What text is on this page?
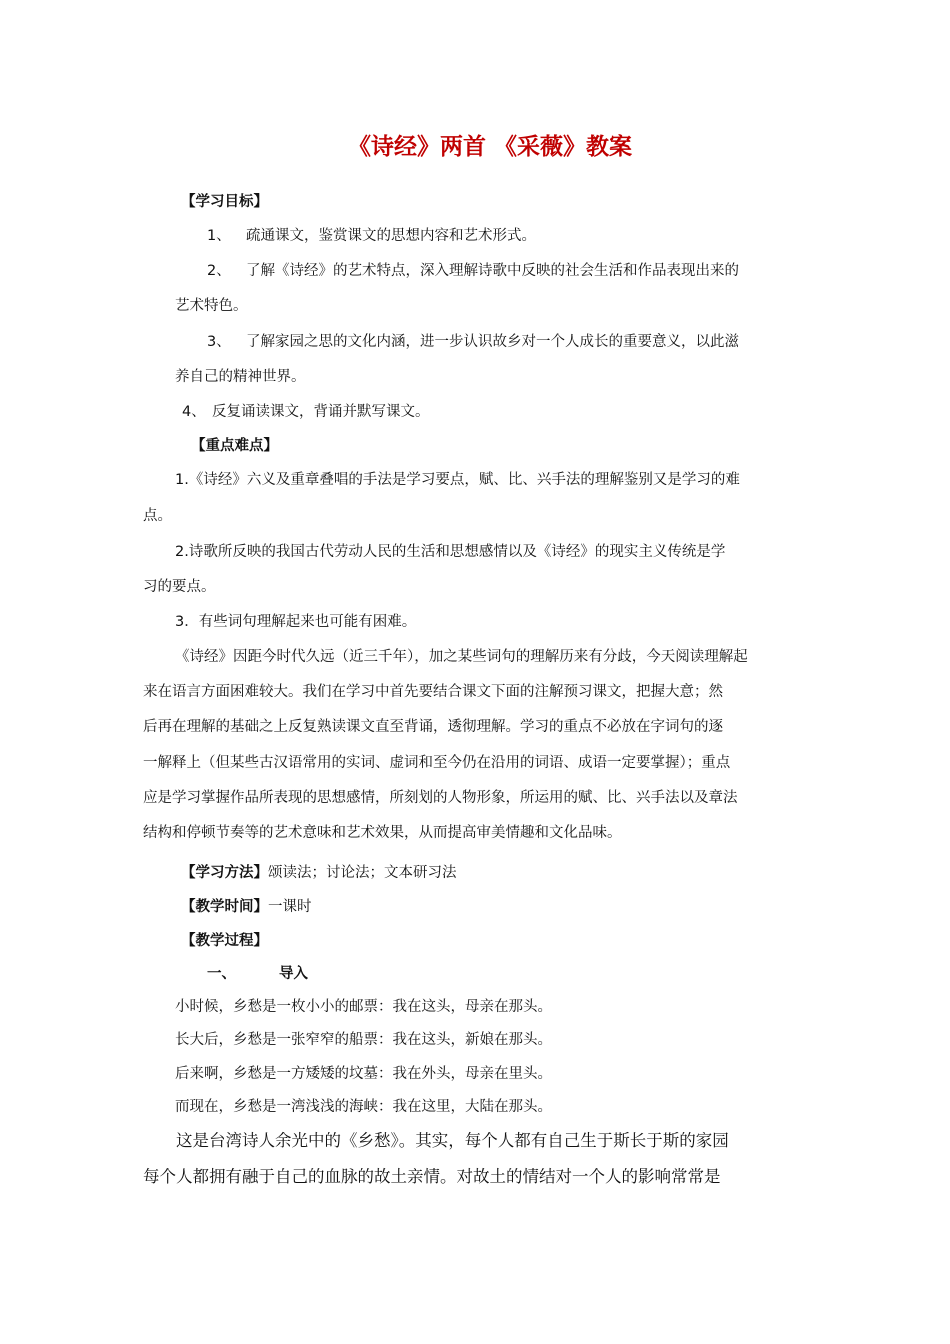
《诗经》两首 《采薇》教案
【学习目标】
1、 疏通课文，鉴赏课文的思想内容和艺术形式。
2、 了解《诗经》的艺术特点，深入理解诗歌中反映的社会生活和作品表现出来的
艺术特色。
3、 了解家园之思的文化内涵，进一步认识故乡对一个人成长的重要意义，以此滋
养自己的精神世界。
4、 反复诵读课文，背诵并默写课文。
【重点难点】
1.《诗经》六义及重章叠唱的手法是学习要点，赋、比、兴手法的理解鉴别又是学习的难
点。
2.诗歌所反映的我国古代劳动人民的生活和思想感情以及《诗经》的现实主义传统是学
习的要点。
3．有些词句理解起来也可能有困难。
《诗经》因距今时代久远（近三千年），加之某些词句的理解历来有分歧，今天阅读理解起
来在语言方面困难较大。我们在学习中首先要结合课文下面的注解预习课文，把握大意；然
后再在理解的基础之上反复熟读课文直至背诵，透彻理解。学习的重点不必放在字词句的逐
一解释上（但某些古汉语常用的实词、虚词和至今仍在沿用的词语、成语一定要掌握）；重点
应是学习掌握作品所表现的思想感情，所刻划的人物形象，所运用的赋、比、兴手法以及章法
结构和停顿节奏等的艺术意味和艺术效果，从而提高审美情趣和文化品味。
【学习方法】颂读法；讨论法；文本研习法
【教学时间】一课时
【教学过程】
一、	导入
小时候，乡愁是一枚小小的邮票：我在这头，母亲在那头。
长大后，乡愁是一张窄窄的船票：我在这头，新娘在那头。
后来啊，乡愁是一方矮矮的坟墓：我在外头，母亲在里头。
而现在，乡愁是一湾浅浅的海峡：我在这里，大陆在那头。
这是台湾诗人余光中的《乡愁》。其实，每个人都有自己生于斯长于斯的家园
每个人都拥有融于自己的血脉的故土亲情。对故土的情结对一个人的影响常常是
